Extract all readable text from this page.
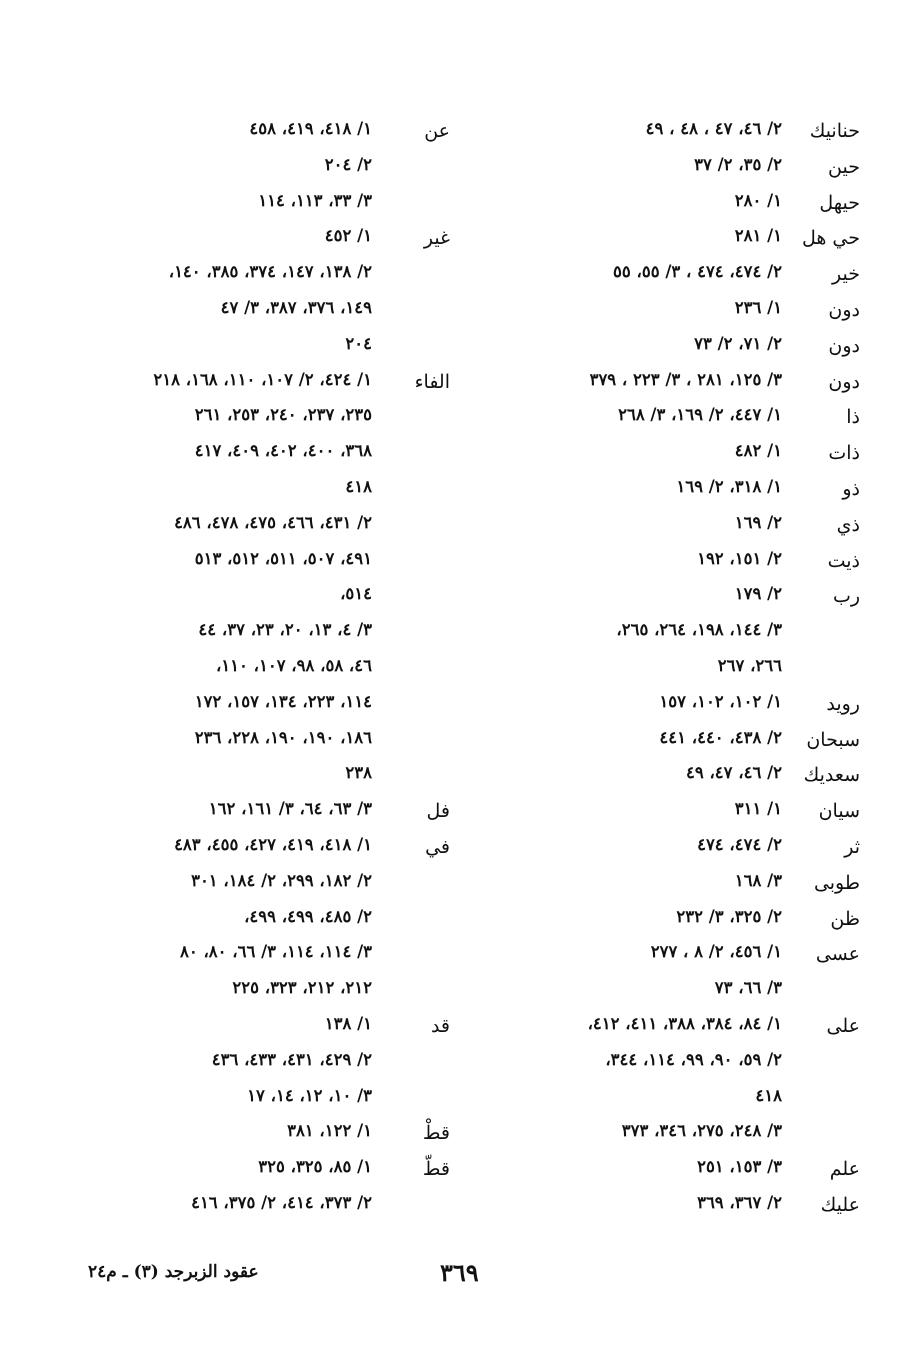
حنانيك
٢/ ٤٦، ٤٧ ، ٤٨ ، ٤٩
حين
٢/ ٣٥، ٢/ ٣٧
حيهل
١/ ٢٨٠
حي هل
١/ ٢٨١
خير
٢/ ٤٧٤، ٤٧٤ ، ٣/ ٥٥، ٥٥
دون
١/ ٢٣٦
دون
٢/ ٧١، ٢/ ٧٣
دون
٣/ ١٢٥، ٢٨١ ، ٣/ ٢٢٣ ، ٣٧٩
ذا
١/ ٤٤٧، ٢/ ١٦٩، ٣/ ٢٦٨
ذات
١/ ٤٨٢
ذو
١/ ٣١٨، ٢/ ١٦٩
ذي
٢/ ١٦٩
ذيت
٢/ ١٥١، ١٩٢
رب
٢/ ١٧٩
٣/ ١٤٤، ١٩٨، ٢٦٤، ٢٦٥،
٢٦٦، ٢٦٧
رويد
١/ ١٠٢، ١٠٢، ١٥٧
سبحان
٢/ ٤٣٨، ٤٤٠، ٤٤١
سعديك
٢/ ٤٦، ٤٧، ٤٩
سيان
١/ ٣١١
ثر
٢/ ٤٧٤، ٤٧٤
طوبى
٣/ ١٦٨
ظن
٢/ ٣٢٥، ٣/ ٢٣٢
عسى
١/ ٤٥٦، ٢/ ٨ ، ٢٧٧
٣/ ٦٦، ٧٣
على
١/ ٨٤، ٣٨٤، ٣٨٨، ٤١١، ٤١٢،
٢/ ٥٩، ٩٠، ٩٩، ١١٤، ٣٤٤،
٤١٨
٣/ ٢٤٨، ٢٧٥، ٣٤٦، ٣٧٣
علم
٣/ ١٥٣، ٢٥١
عليك
٢/ ٣٦٧، ٣٦٩
عن
١/ ٤١٨، ٤١٩، ٤٥٨
٢/ ٢٠٤
٣/ ٣٣، ١١٣، ١١٤
غير
١/ ٤٥٢
٢/ ١٣٨، ١٤٧، ٣٧٤، ٣٨٥، ١٤٠،
١٤٩، ٣٧٦، ٣٨٧، ٣/ ٤٧
٢٠٤
الفاء
١/ ٤٢٤، ٢/ ١٠٧، ١١٠، ١٦٨، ٢١٨
٢٣٥، ٢٣٧، ٢٤٠، ٢٥٣، ٢٦١
٣٦٨، ٤٠٠، ٤٠٢، ٤٠٩، ٤١٧
٤١٨
٢/ ٤٣١، ٤٦٦، ٤٧٥، ٤٧٨، ٤٨٦
٤٩١، ٥٠٧، ٥١١، ٥١٢، ٥١٣
٥١٤،
٣/ ٤، ١٣، ٢٠، ٢٣، ٣٧، ٤٤
٤٦، ٥٨، ٩٨، ١٠٧، ١١٠،
١١٤، ٢٢٣، ١٣٤، ١٥٧، ١٧٢
١٨٦، ١٩٠، ١٩٠، ٢٢٨، ٢٣٦
٢٣٨
فل
٣/ ٦٣، ٦٤، ٣/ ١٦١، ١٦٢
في
١/ ٤١٨، ٤١٩، ٤٢٧، ٤٥٥، ٤٨٣
٢/ ١٨٢، ٢٩٩، ٢/ ١٨٤، ٣٠١
٢/ ٤٨٥، ٤٩٩، ٤٩٩،
٣/ ١١٤، ١١٤، ٣/ ٦٦، ٨٠، ٨٠
٢١٢، ٢١٢، ٣٢٣، ٢٢٥
قد
١/ ١٣٨
٢/ ٤٢٩، ٤٣١، ٤٣٣، ٤٣٦
٣/ ١٠، ١٢، ١٤، ١٧
قطْ
١/ ١٢٢، ٣٨١
قطّ
١/ ٨٥، ٣٢٥، ٣٢٥
٢/ ٣٧٣، ٤١٤، ٢/ ٣٧٥، ٤١٦
عقود الزبرجد (٣) ـ م٢٤	٣٦٩
